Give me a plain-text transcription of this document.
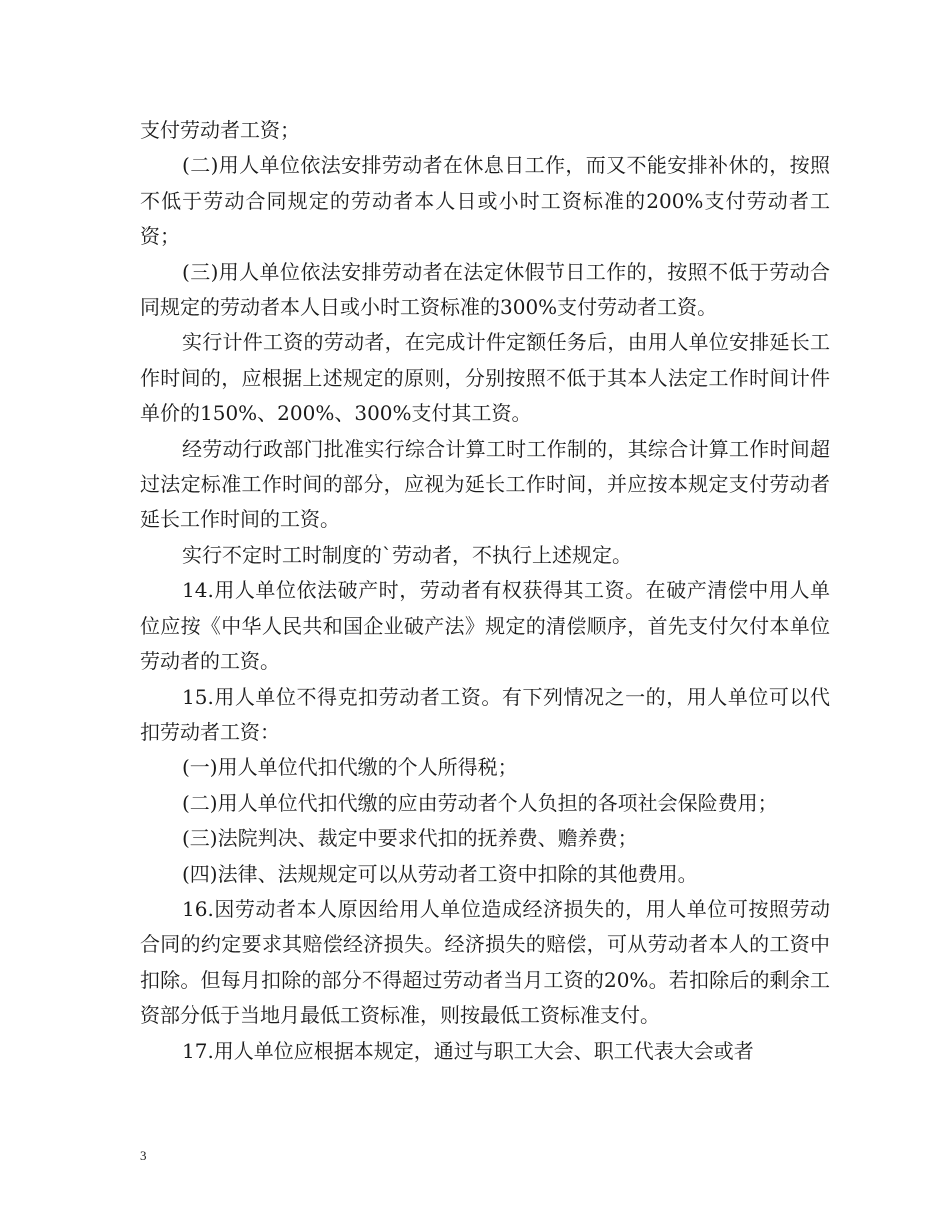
支付劳动者工资；

(二)用人单位依法安排劳动者在休息日工作，而又不能安排补休的，按照不低于劳动合同规定的劳动者本人日或小时工资标准的200%支付劳动者工资；

(三)用人单位依法安排劳动者在法定休假节日工作的，按照不低于劳动合同规定的劳动者本人日或小时工资标准的300%支付劳动者工资。

实行计件工资的劳动者，在完成计件定额任务后，由用人单位安排延长工作时间的，应根据上述规定的原则，分别按照不低于其本人法定工作时间计件单价的150%、200%、300%支付其工资。

经劳动行政部门批准实行综合计算工时工作制的，其综合计算工作时间超过法定标准工作时间的部分，应视为延长工作时间，并应按本规定支付劳动者延长工作时间的工资。

实行不定时工时制度的`劳动者，不执行上述规定。

14.用人单位依法破产时，劳动者有权获得其工资。在破产清偿中用人单位应按《中华人民共和国企业破产法》规定的清偿顺序，首先支付欠付本单位劳动者的工资。

15.用人单位不得克扣劳动者工资。有下列情况之一的，用人单位可以代扣劳动者工资：

(一)用人单位代扣代缴的个人所得税；

(二)用人单位代扣代缴的应由劳动者个人负担的各项社会保险费用；

(三)法院判决、裁定中要求代扣的抚养费、赡养费；

(四)法律、法规规定可以从劳动者工资中扣除的其他费用。

16.因劳动者本人原因给用人单位造成经济损失的，用人单位可按照劳动合同的约定要求其赔偿经济损失。经济损失的赔偿，可从劳动者本人的工资中扣除。但每月扣除的部分不得超过劳动者当月工资的20%。若扣除后的剩余工资部分低于当地月最低工资标准，则按最低工资标准支付。

17.用人单位应根据本规定，通过与职工大会、职工代表大会或者

3
